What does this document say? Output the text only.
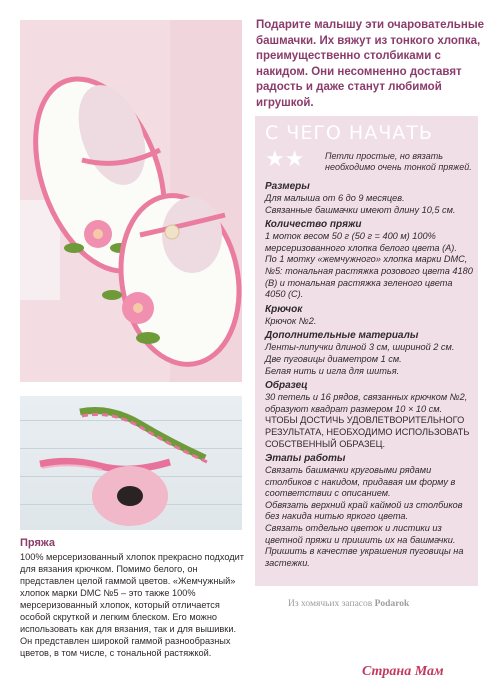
Подарите малышу эти очаровательные башмачки. Их вяжут из тонкого хлопка, преимущественно столбиками с накидом. Они несомненно доставят радость и даже станут любимой игрушкой.
С ЧЕГО НАЧАТЬ
★★ Петли простые, но вязать необходимо очень тонкой пряжей.
Размеры
Для малыша от 6 до 9 месяцев.
Связанные башмачки имеют длину 10,5 см.
Количество пряжи
1 моток весом 50 г (50 г = 400 м) 100% мерсеризованного хлопка белого цвета (A).
По 1 мотку «жемчужного» хлопка марки DMC, №5: тональная растяжка розового цвета 4180 (B) и тональная растяжка зеленого цвета 4050 (C).
Крючок
Крючок №2.
Дополнительные материалы
Ленты-липучки длиной 3 см, шириной 2 см.
Две пуговицы диаметром 1 см.
Белая нить и игла для шитья.
Образец
30 петель и 16 рядов, связанных крючком №2, образуют квадрат размером 10 × 10 см.
ЧТОБЫ ДОСТИЧЬ УДОВЛЕТВОРИТЕЛЬНОГО РЕЗУЛЬТАТА, НЕОБХОДИМО ИСПОЛЬЗОВАТЬ СОБСТВЕННЫЙ ОБРАЗЕЦ.
Этапы работы
Связать башмачки круговыми рядами столбиков с накидом, придавая им форму в соответствии с описанием.
Обвязать верхний край каймой из столбиков без накида нитью яркого цвета.
Связать отдельно цветок и листики из цветной пряжи и пришить их на башмачки.
Пришить в качестве украшения пуговицы на застежки.
Пряжа
100% мерсеризованный хлопок прекрасно подходит для вязания крючком. Помимо белого, он представлен целой гаммой цветов. «Жемчужный» хлопок марки DMC №5 – это также 100% мерсеризованный хлопок, который отличается особой скруткой и легким блеском. Его можно использовать как для вязания, так и для вышивки. Он представлен широкой гаммой разнообразных цветов, в том числе, с тональной растяжкой.
Из хомячьих запасов Podarok
Страна Мам
